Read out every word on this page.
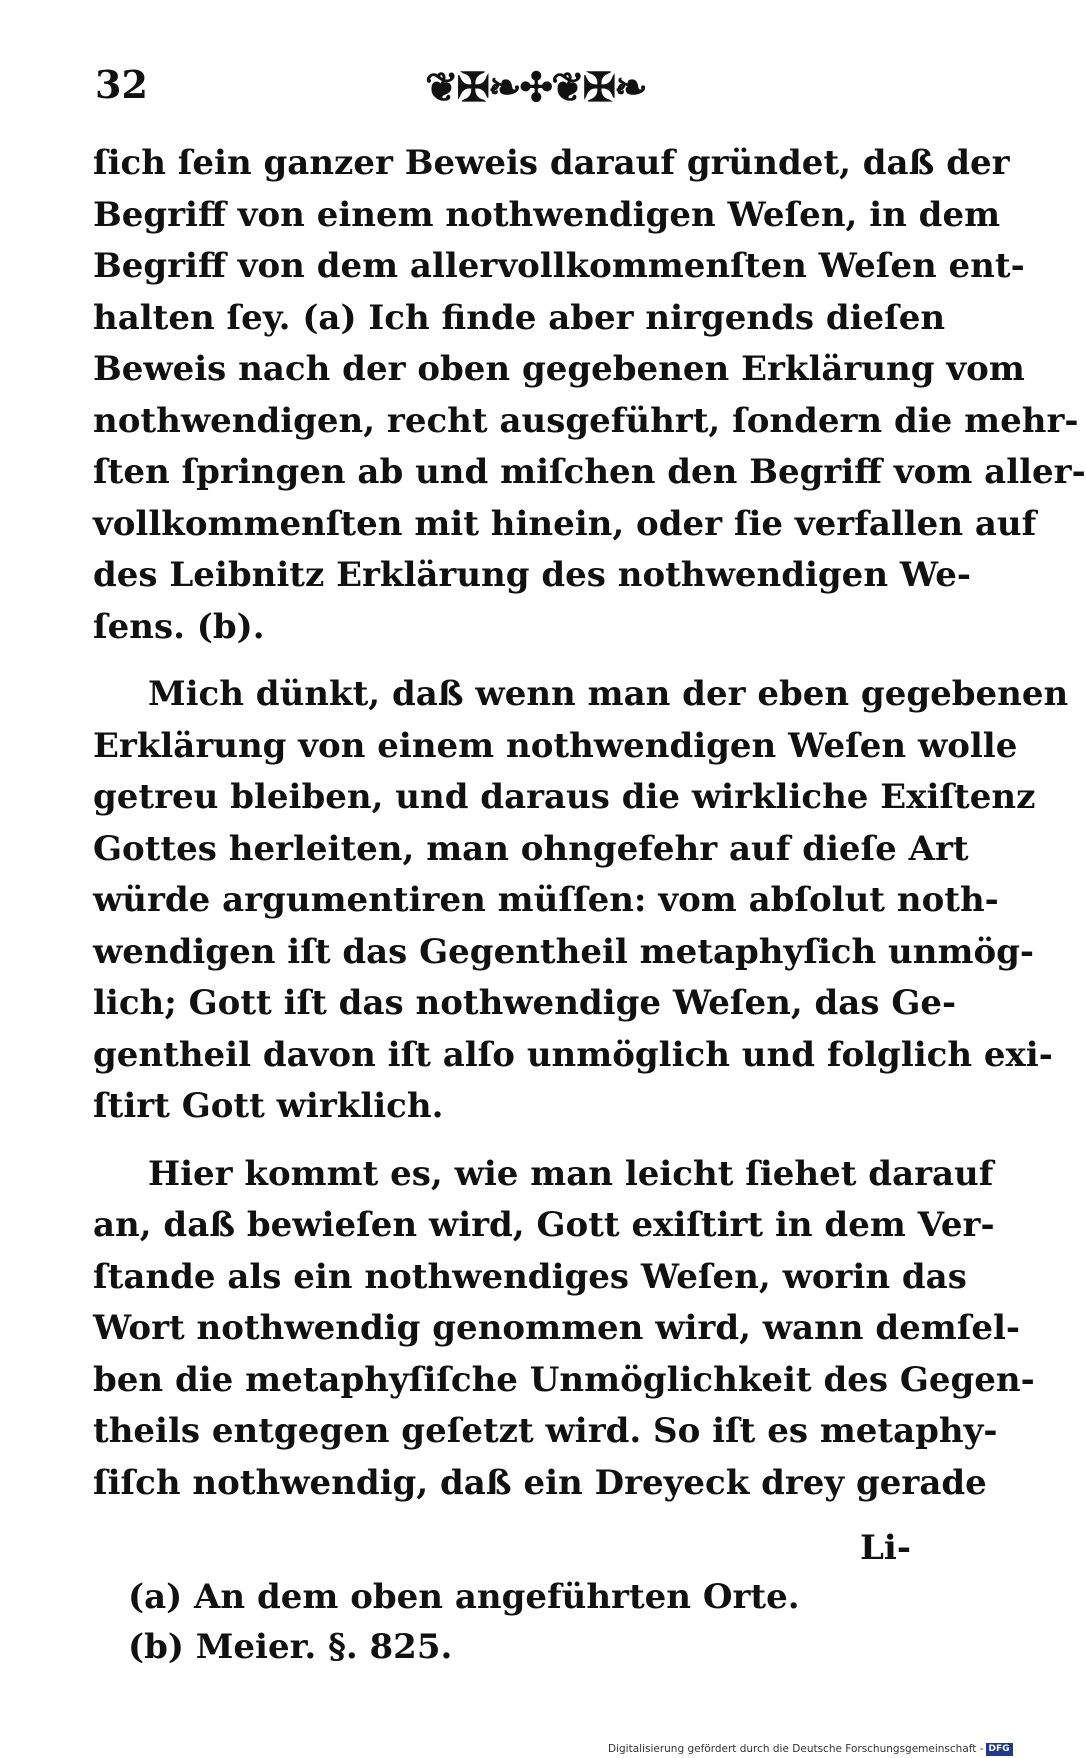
32	❦✠❧✣❦✠❧
ſich ſein ganzer Beweis darauf gründet, daß der
Begriff von einem nothwendigen Weſen, in dem
Begriff von dem allervollkommenſten Weſen ent-
halten ſey. (a) Ich finde aber nirgends dieſen
Beweis nach der oben gegebenen Erklärung vom
nothwendigen, recht ausgeführt, ſondern die mehr-
ſten ſpringen ab und miſchen den Begriff vom aller-
vollkommenſten mit hinein, oder ſie verfallen auf
des Leibnitz Erklärung des nothwendigen We-
ſens. (b).
Mich dünkt, daß wenn man der eben gegebenen
Erklärung von einem nothwendigen Weſen wolle
getreu bleiben, und daraus die wirkliche Exiſtenz
Gottes herleiten, man ohngefehr auf dieſe Art
würde argumentiren müſſen: vom abſolut noth-
wendigen iſt das Gegentheil metaphyſich unmög-
lich; Gott iſt das nothwendige Weſen, das Ge-
gentheil davon iſt alſo unmöglich und folglich exi-
ſtirt Gott wirklich.
Hier kommt es, wie man leicht ſiehet darauf
an, daß bewieſen wird, Gott exiſtirt in dem Ver-
ſtande als ein nothwendiges Weſen, worin das
Wort nothwendig genommen wird, wann demſel-
ben die metaphyſiſche Unmöglichkeit des Gegen-
theils entgegen geſetzt wird. So iſt es metaphy-
ſiſch nothwendig, daß ein Dreyeck drey gerade
Li-
(a) An dem oben angeführten Orte.
(b) Meier. §. 825.
Digitalisierung gefördert durch die Deutsche Forschungsgemeinschaft - DFG
